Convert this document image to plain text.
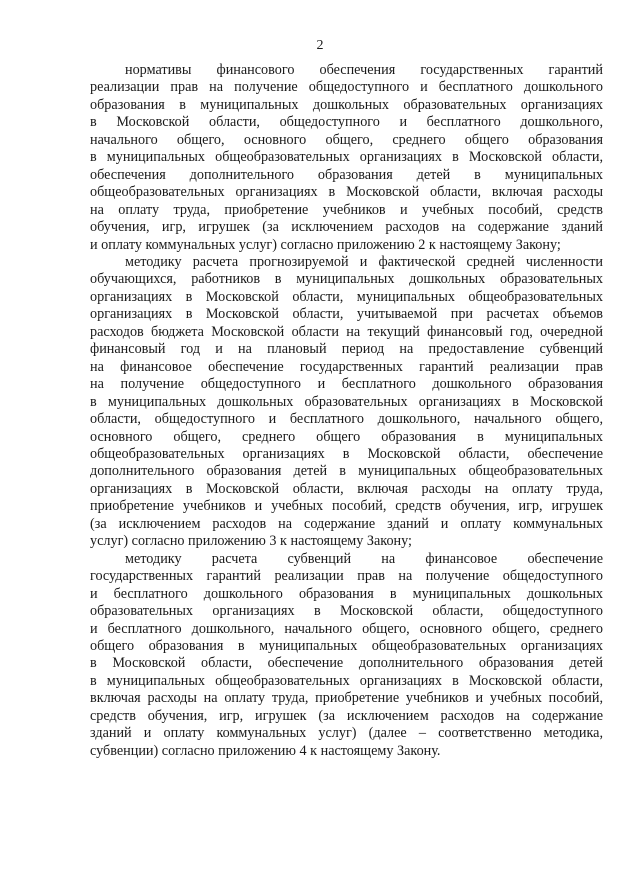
2

нормативы финансового обеспечения государственных гарантий
реализации прав на получение общедоступного и бесплатного дошкольного
образования в муниципальных дошкольных образовательных организациях
в Московской области, общедоступного и бесплатного дошкольного,
начального общего, основного общего, среднего общего образования
в муниципальных общеобразовательных организациях в Московской области,
обеспечения дополнительного образования детей в муниципальных
общеобразовательных организациях в Московской области, включая расходы
на оплату труда, приобретение учебников и учебных пособий, средств
обучения, игр, игрушек (за исключением расходов на содержание зданий
и оплату коммунальных услуг) согласно приложению 2 к настоящему Закону;

методику расчета прогнозируемой и фактической средней численности
обучающихся, работников в муниципальных дошкольных образовательных
организациях в Московской области, муниципальных общеобразовательных
организациях в Московской области, учитываемой при расчетах объемов
расходов бюджета Московской области на текущий финансовый год, очередной
финансовый год и на плановый период на предоставление субвенций
на финансовое обеспечение государственных гарантий реализации прав
на получение общедоступного и бесплатного дошкольного образования
в муниципальных дошкольных образовательных организациях в Московской
области, общедоступного и бесплатного дошкольного, начального общего,
основного общего, среднего общего образования в муниципальных
общеобразовательных организациях в Московской области, обеспечение
дополнительного образования детей в муниципальных общеобразовательных
организациях в Московской области, включая расходы на оплату труда,
приобретение учебников и учебных пособий, средств обучения, игр, игрушек
(за исключением расходов на содержание зданий и оплату коммунальных
услуг) согласно приложению 3 к настоящему Закону;

методику расчета субвенций на финансовое обеспечение
государственных гарантий реализации прав на получение общедоступного
и бесплатного дошкольного образования в муниципальных дошкольных
образовательных организациях в Московской области, общедоступного
и бесплатного дошкольного, начального общего, основного общего, среднего
общего образования в муниципальных общеобразовательных организациях
в Московской области, обеспечение дополнительного образования детей
в муниципальных общеобразовательных организациях в Московской области,
включая расходы на оплату труда, приобретение учебников и учебных пособий,
средств обучения, игр, игрушек (за исключением расходов на содержание
зданий и оплату коммунальных услуг) (далее – соответственно методика,
субвенции) согласно приложению 4 к настоящему Закону.
